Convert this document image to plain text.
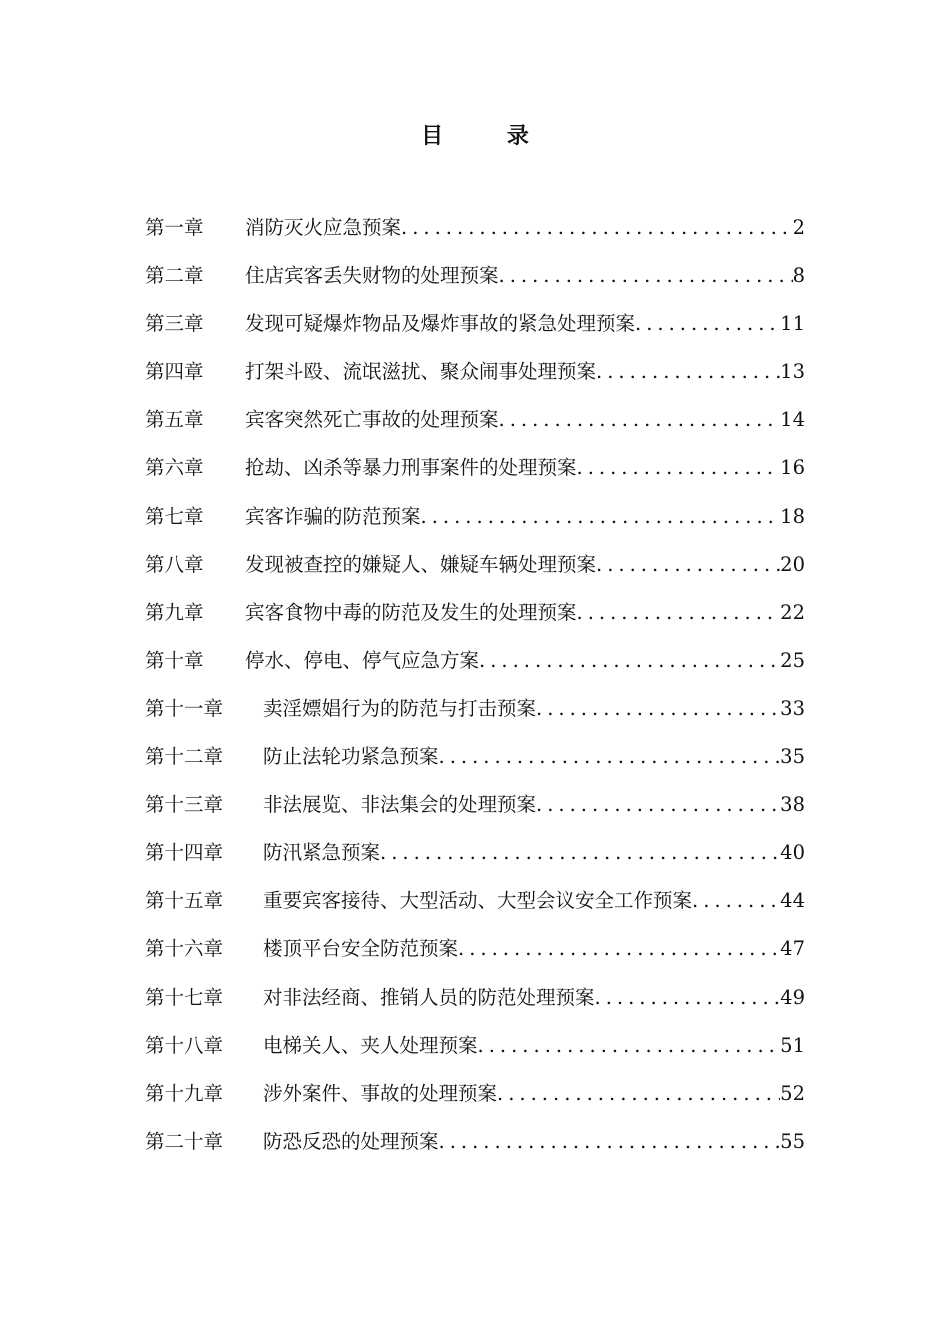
目 录
第一章	消防灭火应急预案 .....	2
第二章	住店宾客丢失财物的处理预案 .....	8
第三章	发现可疑爆炸物品及爆炸事故的紧急处理预案 .....	11
第四章	打架斗殴、流氓滋扰、聚众闹事处理预案 .....	13
第五章	宾客突然死亡事故的处理预案 .....	14
第六章	抢劫、凶杀等暴力刑事案件的处理预案 .....	16
第七章	宾客诈骗的防范预案 .....	18
第八章	发现被查控的嫌疑人、嫌疑车辆处理预案 .....	20
第九章	宾客食物中毒的防范及发生的处理预案 .....	22
第十章	停水、停电、停气应急方案 .....	25
第十一章	卖淫嫖娼行为的防范与打击预案 .....	33
第十二章	防止法轮功紧急预案 .....	35
第十三章	非法展览、非法集会的处理预案 .....	38
第十四章	防汛紧急预案 .....	40
第十五章	重要宾客接待、大型活动、大型会议安全工作预案 .....	44
第十六章	楼顶平台安全防范预案 .....	47
第十七章	对非法经商、推销人员的防范处理预案 .....	49
第十八章	电梯关人、夹人处理预案 .....	51
第十九章	涉外案件、事故的处理预案 .....	52
第二十章	防恐反恐的处理预案 .....	55
